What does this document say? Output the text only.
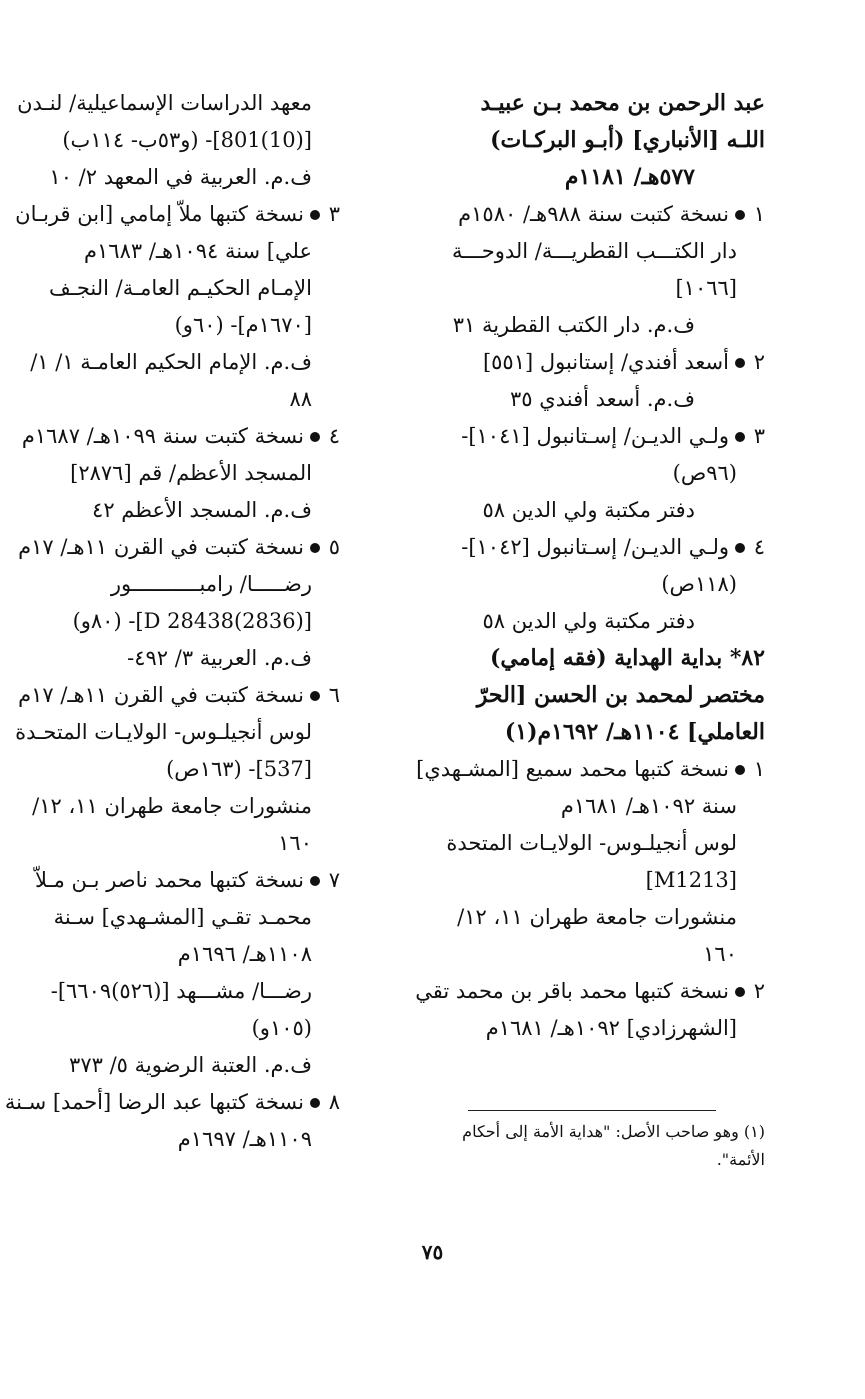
عبد الرحمن بن محمد بـن عبيـد
اللـه [الأنباري] (أبـو البركـات)
٥٧٧هـ/ ١١٨١م
١نسخة كتبت سنة ٩٨٨هـ/ ١٥٨٠م
دار الكتـــب القطريـــة/ الدوحـــة
[١٠٦٦]
ف.م. دار الكتب القطرية ٣١
٢أسعد أفندي/ إستانبول [٥٥١]
ف.م. أسعد أفندي ٣٥
٣ولـي الديـن/ إسـتانبول [١٠٤١]-
(٩٦ص)
دفتر مكتبة ولي الدين ٥٨
٤ولـي الديـن/ إسـتانبول [١٠٤٢]-
(١١٨ص)
دفتر مكتبة ولي الدين ٥٨
٨٢* بداية الهداية (فقه إمامي)
مختصر لمحمد بن الحسن [الحرّ
العاملي] ١١٠٤هـ/ ١٦٩٢م(١)
١نسخة كتبها محمد سميع [المشـهدي]
سنة ١٠٩٢هـ/ ١٦٨١م
لوس أنجيلـوس- الولايـات المتحدة
[M1213]
منشورات جامعة طهران ١١، ١٢/
١٦٠
٢نسخة كتبها محمد باقر بن محمد تقي
[الشهرزادي] ١٠٩٢هـ/ ١٦٨١م
معهد الدراسات الإسماعيلية/ لنـدن
[(10)801]- (و٥٣ب- ١١٤ب)
ف.م. العربية في المعهد ٢/ ١٠
٣نسخة كتبها ملاّ إمامي [ابن قربـان
علي] سنة ١٠٩٤هـ/ ١٦٨٣م
الإمـام الحكيـم العامـة/ النجـف
[١٦٧٠م]- (٦٠و)
ف.م. الإمام الحكيم العامـة ١/ ١/
٨٨
٤نسخة كتبت سنة ١٠٩٩هـ/ ١٦٨٧م
المسجد الأعظم/ قم [٢٨٧٦]
ف.م. المسجد الأعظم ٤٢
٥نسخة كتبت في القرن ١١هـ/ ١٧م
رضـــــا/ رامبـــــــــــور
[D 28438(2836)]- (٨٠و)
ف.م. العربية ٣/ ٤٩٢-
٦نسخة كتبت في القرن ١١هـ/ ١٧م
لوس أنجيلـوس- الولايـات المتحـدة
[537]- (١٦٣ص)
منشورات جامعة طهران ١١، ١٢/
١٦٠
٧نسخة كتبها محمد ناصر بـن مـلاّ
محمـد تقـي [المشـهدي] سـنة
١١٠٨هـ/ ١٦٩٦م
رضـــا/ مشـــهد [(٥٢٦)٦٦٠٩]-
(١٠٥و)
ف.م. العتبة الرضوية ٥/ ٣٧٣
٨نسخة كتبها عبد الرضا [أحمد] سـنة
١١٠٩هـ/ ١٦٩٧م	(١) وهو صاحب الأصل: "هداية الأمة إلى أحكام
الأئمة".
٧٥
